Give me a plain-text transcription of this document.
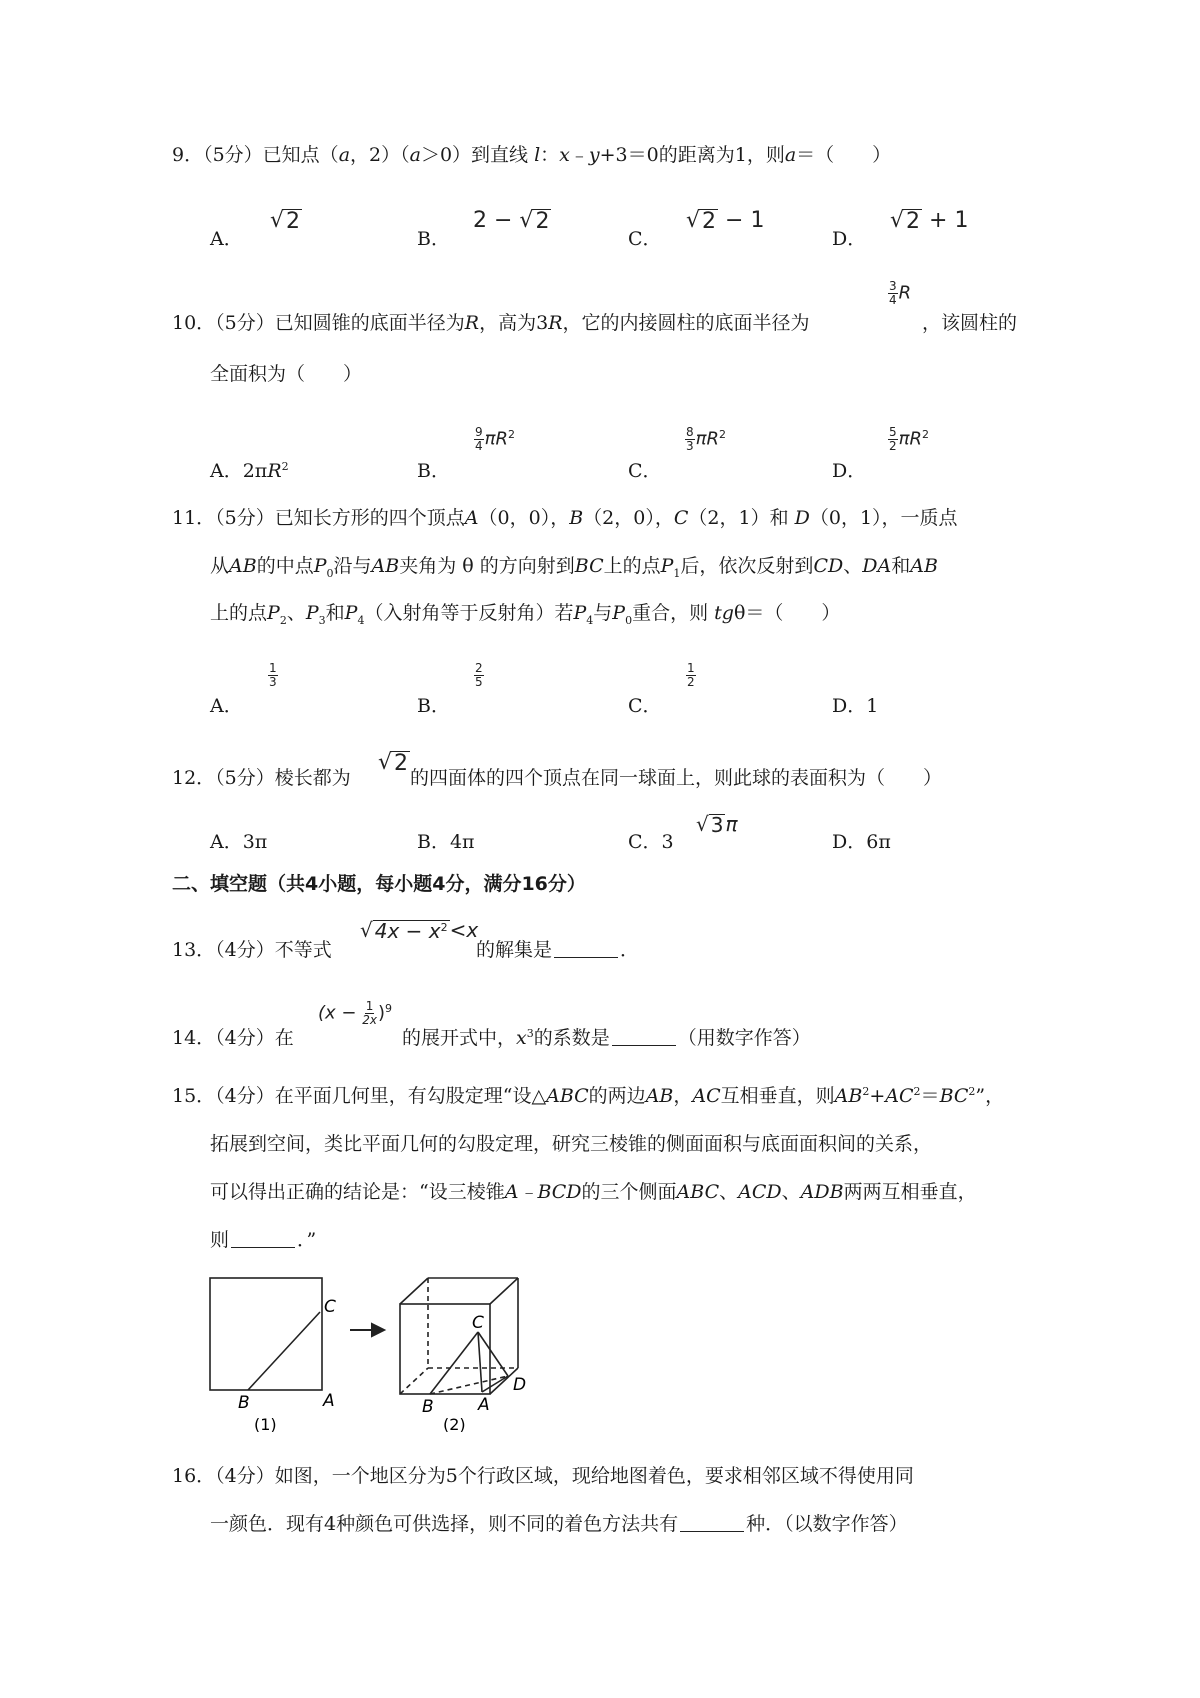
9．（5分）已知点（a，2）（a＞0）到直线 l：x﹣y+3＝0的距离为1，则a＝（　　）
A．
√ 2
B．
2 − √ 2
C．
√ 2 − 1
D．
√ 2 + 1
10．（5分）已知圆锥的底面半径为R，高为3R，它的内接圆柱的底面半径为
$\frac{3}{4}$ R
，该圆柱的
全面积为（　　）
A．$2\pi R^2$	B．
$\frac{9}{4} \pi R^2$
C．
$\frac{8}{3} \pi R^2$
D．
$\frac{5}{2} \pi R^2$
11．（5分）已知长方形的四个顶点A（0，0），B（2，0），C（2，1）和 D（0，1），一质点
从AB的中点$P_0$沿与AB夹角为 θ 的方向射到BC上的点$P_1$后，依次反射到CD、DA和AB
上的点$P_2$、$P_3$和$P_4$（入射角等于反射角）若$P_4$与$P_0$重合，则 tgθ＝（　　）
A．
$\frac{1}{3}$
B．
$\frac{2}{5}$
C．
$\frac{1}{2}$
D．1
12．（5分）棱长都为
√ 2
的四面体的四个顶点在同一球面上，则此球的表面积为（　　）
A．3π	B．4π	C．3
√ 3 π
D．6π
二、填空题（共4小题，每小题4分，满分16分）
13．（4分）不等式
√ $4x - x^2 <x$
的解集是	．
14．（4分）在
$(x - \frac{1}{2x} )^9$
的展开式中，$x^3$的系数是	（用数字作答）
15．（4分）在平面几何里，有勾股定理“设△ABC的两边AB，AC互相垂直，则$AB^2+AC^2=BC^2$”，
拓展到空间，类比平面几何的勾股定理，研究三棱锥的侧面面积与底面面积间的关系，
可以得出正确的结论是：“设三棱锥A﹣BCD的三个侧面ABC、ACD、ADB两两互相垂直，
则	．”
C
B	A
(1)
C
B	A
D
(2)
16．（4分）如图，一个地区分为5个行政区域，现给地图着色，要求相邻区域不得使用同
一颜色．现有4种颜色可供选择，则不同的着色方法共有	种．（以数字作答）
